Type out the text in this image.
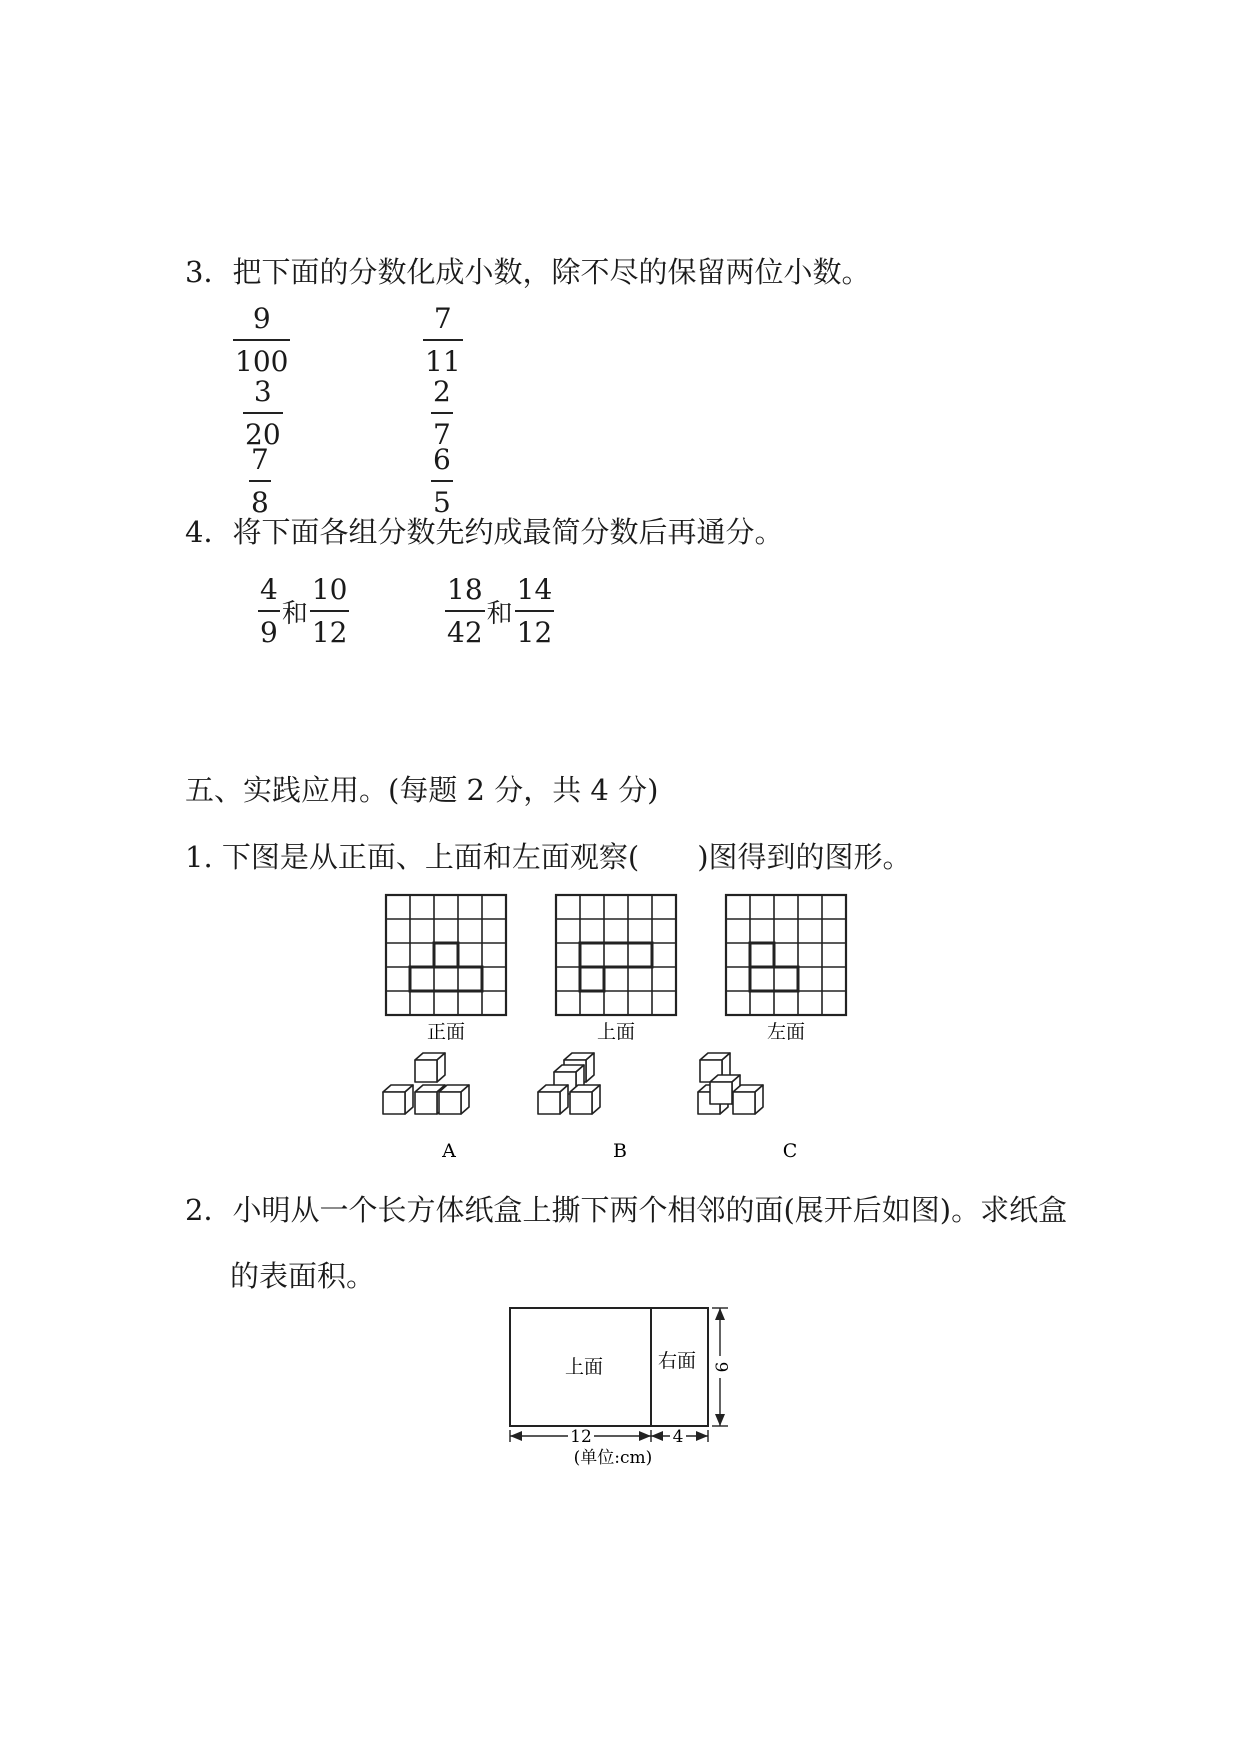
3．把下面的分数化成小数，除不尽的保留两位小数。
$\frac{9}{100}$	$\frac{7}{11}$
$\frac{3}{20}$	$\frac{2}{7}$
$\frac{7}{8}$	$\frac{6}{5}$
4．将下面各组分数先约成最简分数后再通分。
$\frac{4}{9}$ 和 $\frac{10}{12}$	$\frac{18}{42}$ 和 $\frac{14}{12}$
五、实践应用。(每题 2 分，共 4 分)
1. 下图是从正面、上面和左面观察(　　)图得到的图形。
正面	上面	左面
A	B	C
2．小明从一个长方体纸盒上撕下两个相邻的面(展开后如图)。求纸盒
的表面积。
上面	右面
12	4
9
(单位:cm)
